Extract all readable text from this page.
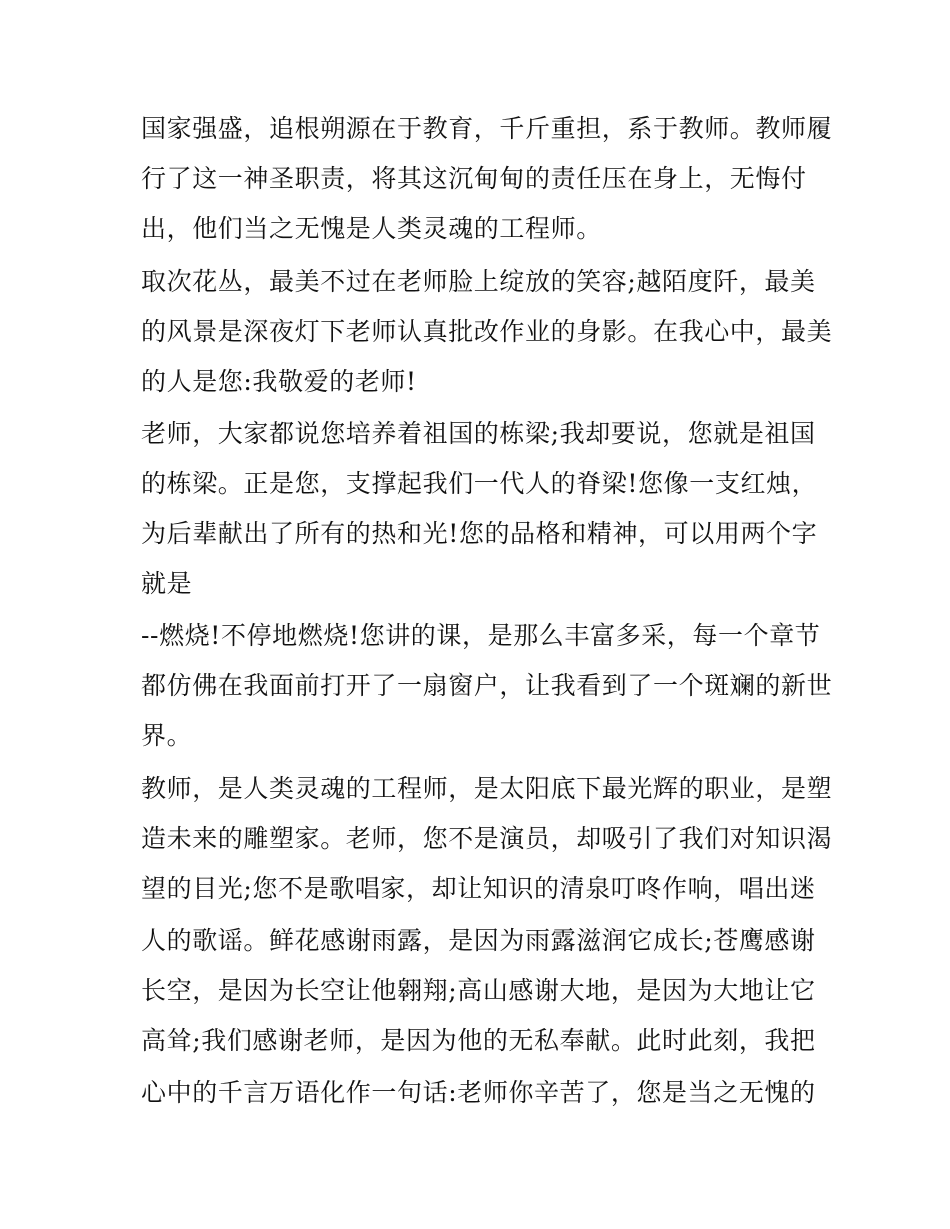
国家强盛，追根朔源在于教育，千斤重担，系于教师。教师履
行了这一神圣职责，将其这沉甸甸的责任压在身上，无悔付
出，他们当之无愧是人类灵魂的工程师。
取次花丛，最美不过在老师脸上绽放的笑容;越陌度阡，最美
的风景是深夜灯下老师认真批改作业的身影。在我心中，最美
的人是您:我敬爱的老师!
老师，大家都说您培养着祖国的栋梁;我却要说，您就是祖国
的栋梁。正是您，支撑起我们一代人的脊梁!您像一支红烛，
为后辈献出了所有的热和光!您的品格和精神，可以用两个字
就是
--燃烧!不停地燃烧!您讲的课，是那么丰富多采，每一个章节
都仿佛在我面前打开了一扇窗户，让我看到了一个斑斓的新世
界。
教师，是人类灵魂的工程师，是太阳底下最光辉的职业，是塑
造未来的雕塑家。老师，您不是演员，却吸引了我们对知识渴
望的目光;您不是歌唱家，却让知识的清泉叮咚作响，唱出迷
人的歌谣。鲜花感谢雨露，是因为雨露滋润它成长;苍鹰感谢
长空，是因为长空让他翱翔;高山感谢大地，是因为大地让它
高耸;我们感谢老师，是因为他的无私奉献。此时此刻，我把
心中的千言万语化作一句话:老师你辛苦了，您是当之无愧的
